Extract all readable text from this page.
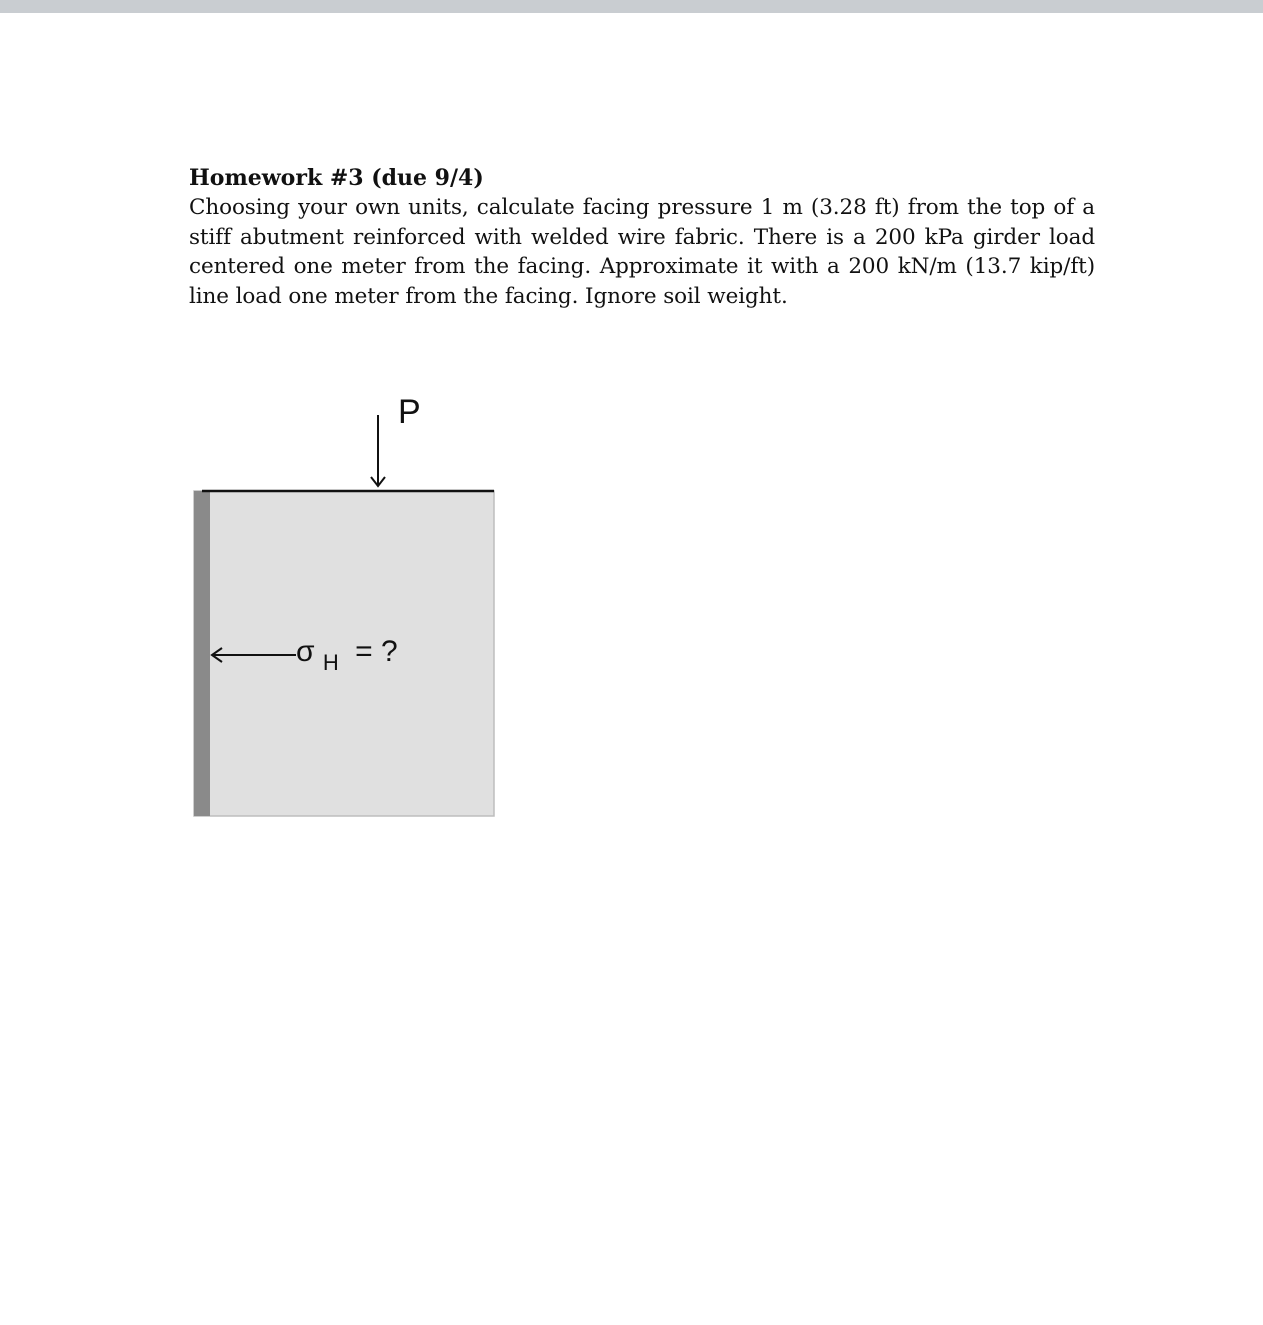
Homework #3 (due 9/4)

Choosing your own units, calculate facing pressure 1 m (3.28 ft) from the top of a stiff abutment reinforced with welded wire fabric. There is a 200 kPa girder load centered one meter from the facing. Approximate it with a 200 kN/m (13.7 kip/ft) line load one meter from the facing. Ignore soil weight.

P
σ $_H$ = ?
